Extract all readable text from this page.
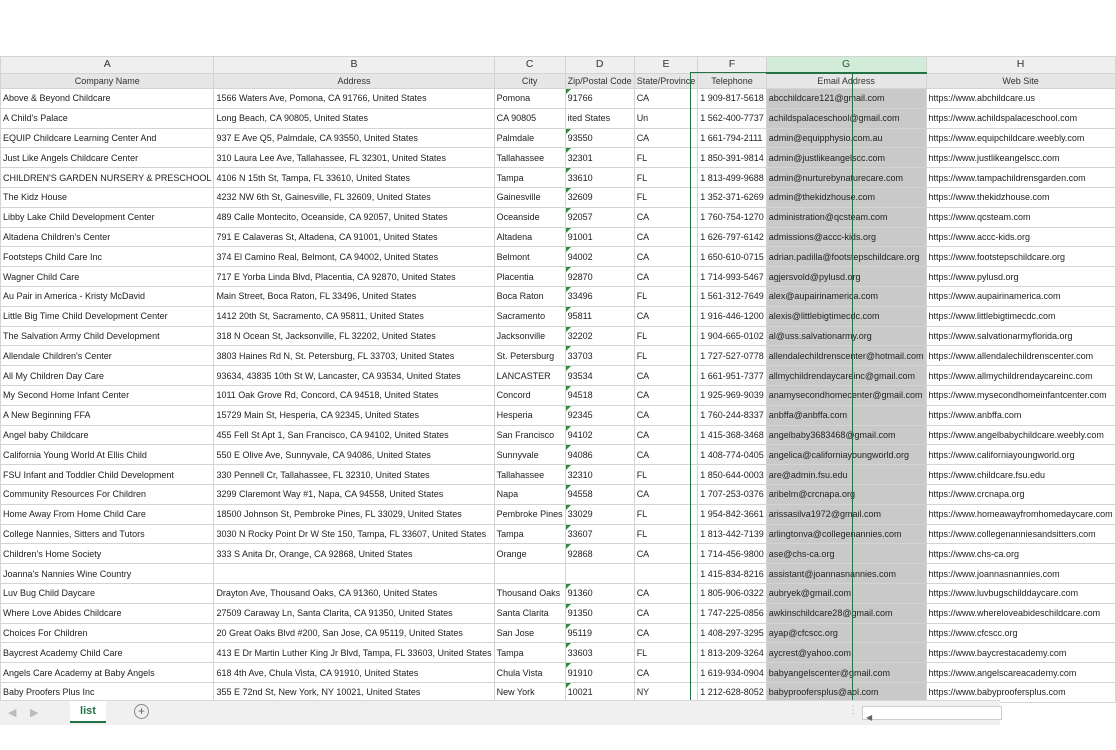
	A	B	C	D	E	F	G	H
	Company Name	Address	City	Zip/Postal Code	State/Province	Telephone	Email Address	Web Site
	Above & Beyond Childcare	1566 Waters Ave, Pomona, CA 91766, United States	Pomona	91766	CA	1 909-817-5618	abcchildcare121@gmail.com	https://www.abchildcare.us
	A Child's Palace	Long Beach, CA 90805, United States	CA 90805	ited States	Un	1 562-400-7737	achildspalaceschool@gmail.com	https://www.achildspalaceschool.com
	EQUIP Childcare Learning Center And	937 E Ave Q5, Palmdale, CA 93550, United States	Palmdale	93550	CA	1 661-794-2111	admin@equipphysio.com.au	https://www.equipchildcare.weebly.com
	Just Like Angels Childcare Center	310 Laura Lee Ave, Tallahassee, FL 32301, United States	Tallahassee	32301	FL	1 850-391-9814	admin@justlikeangelscc.com	https://www.justlikeangelscc.com
	CHILDREN'S GARDEN NURSERY & PRESCHOOL	4106 N 15th St, Tampa, FL 33610, United States	Tampa	33610	FL	1 813-499-9688	admin@nurturebynaturecare.com	https://www.tampachildrensgarden.com
	The Kidz House	4232 NW 6th St, Gainesville, FL 32609, United States	Gainesville	32609	FL	1 352-371-6269	admin@thekidzhouse.com	https://www.thekidzhouse.com
	Libby Lake Child Development Center	489 Calle Montecito, Oceanside, CA 92057, United States	Oceanside	92057	CA	1 760-754-1270	administration@qcsteam.com	https://www.qcsteam.com
	Altadena Children's Center	791 E Calaveras St, Altadena, CA 91001, United States	Altadena	91001	CA	1 626-797-6142	admissions@accc-kids.org	https://www.accc-kids.org
	Footsteps Child Care Inc	374 El Camino Real, Belmont, CA 94002, United States	Belmont	94002	CA	1 650-610-0715	adrian.padilla@footstepschildcare.org	https://www.footstepschildcare.org
	Wagner Child Care	717 E Yorba Linda Blvd, Placentia, CA 92870, United States	Placentia	92870	CA	1 714-993-5467	agjersvold@pylusd.org	https://www.pylusd.org
	Au Pair in America - Kristy McDavid	Main Street, Boca Raton, FL 33496, United States	Boca Raton	33496	FL	1 561-312-7649	alex@aupairinamerica.com	https://www.aupairinamerica.com
	Little Big Time Child Development Center	1412 20th St, Sacramento, CA 95811, United States	Sacramento	95811	CA	1 916-446-1200	alexis@littlebigtimecdc.com	https://www.littlebigtimecdc.com
	The Salvation Army Child Development	318 N Ocean St, Jacksonville, FL 32202, United States	Jacksonville	32202	FL	1 904-665-0102	al@uss.salvationarmy.org	https://www.salvationarmyflorida.org
	Allendale Children's Center	3803 Haines Rd N, St. Petersburg, FL 33703, United States	St. Petersburg	33703	FL	1 727-527-0778	allendalechildrenscenter@hotmail.com	https://www.allendalechildrenscenter.com
	All My Children Day Care	93634, 43835 10th St W, Lancaster, CA 93534, United States	LANCASTER	93534	CA	1 661-951-7377	allmychildrendaycareinc@gmail.com	https://www.allmychildrendaycareinc.com
	My Second Home Infant Center	1011 Oak Grove Rd, Concord, CA 94518, United States	Concord	94518	CA	1 925-969-9039	anamysecondhomecenter@gmail.com	https://www.mysecondhomeinfantcenter.com
	A New Beginning FFA	15729 Main St, Hesperia, CA 92345, United States	Hesperia	92345	CA	1 760-244-8337	anbffa@anbffa.com	https://www.anbffa.com
	Angel baby Childcare	455 Fell St Apt 1, San Francisco, CA 94102, United States	San Francisco	94102	CA	1 415-368-3468	angelbaby3683468@gmail.com	https://www.angelbabychildcare.weebly.com
	California Young World At Ellis Child	550 E Olive Ave, Sunnyvale, CA 94086, United States	Sunnyvale	94086	CA	1 408-774-0405	angelica@californiayoungworld.org	https://www.californiayoungworld.org
	FSU Infant and Toddler Child Development	330 Pennell Cr, Tallahassee, FL 32310, United States	Tallahassee	32310	FL	1 850-644-0003	are@admin.fsu.edu	https://www.childcare.fsu.edu
	Community Resources For Children	3299 Claremont Way #1, Napa, CA 94558, United States	Napa	94558	CA	1 707-253-0376	aribelm@crcnapa.org	https://www.crcnapa.org
	Home Away From Home Child Care	18500 Johnson St, Pembroke Pines, FL 33029, United States	Pembroke Pines	33029	FL	1 954-842-3661	arissasilva1972@gmail.com	https://www.homeawayfromhomedaycare.com
	College Nannies, Sitters and Tutors	3030 N Rocky Point Dr W Ste 150, Tampa, FL 33607, United States	Tampa	33607	FL	1 813-442-7139	arlingtonva@collegenannies.com	https://www.collegenanniesandsitters.com
	Children's Home Society	333 S Anita Dr, Orange, CA 92868, United States	Orange	92868	CA	1 714-456-9800	ase@chs-ca.org	https://www.chs-ca.org
	Joanna's Nannies Wine Country					1 415-834-8216	assistant@joannasnannies.com	https://www.joannasnannies.com
	Luv Bug Child Daycare	Drayton Ave, Thousand Oaks, CA 91360, United States	Thousand Oaks	91360	CA	1 805-906-0322	aubryek@gmail.com	https://www.luvbugschilddaycare.com
	Where Love Abides Childcare	27509 Caraway Ln, Santa Clarita, CA 91350, United States	Santa Clarita	91350	CA	1 747-225-0856	awkinschildcare28@gmail.com	https://www.whereloveabideschildcare.com
	Choices For Children	20 Great Oaks Blvd #200, San Jose, CA 95119, United States	San Jose	95119	CA	1 408-297-3295	ayap@cfcscc.org	https://www.cfcscc.org
	Baycrest Academy Child Care	413 E Dr Martin Luther King Jr Blvd, Tampa, FL 33603, United States	Tampa	33603	FL	1 813-209-3264	aycrest@yahoo.com	https://www.baycrestacademy.com
	Angels Care Academy at Baby Angels	618 4th Ave, Chula Vista, CA 91910, United States	Chula Vista	91910	CA	1 619-934-0904	babyangelscenter@gmail.com	https://www.angelscareacademy.com
	Baby Proofers Plus Inc	355 E 72nd St, New York, NY 10021, United States	New York	10021	NY	1 212-628-8052	babyproofersplus@aol.com	https://www.babyproofersplus.com
◀ ▶	list	+	⋮
◀
